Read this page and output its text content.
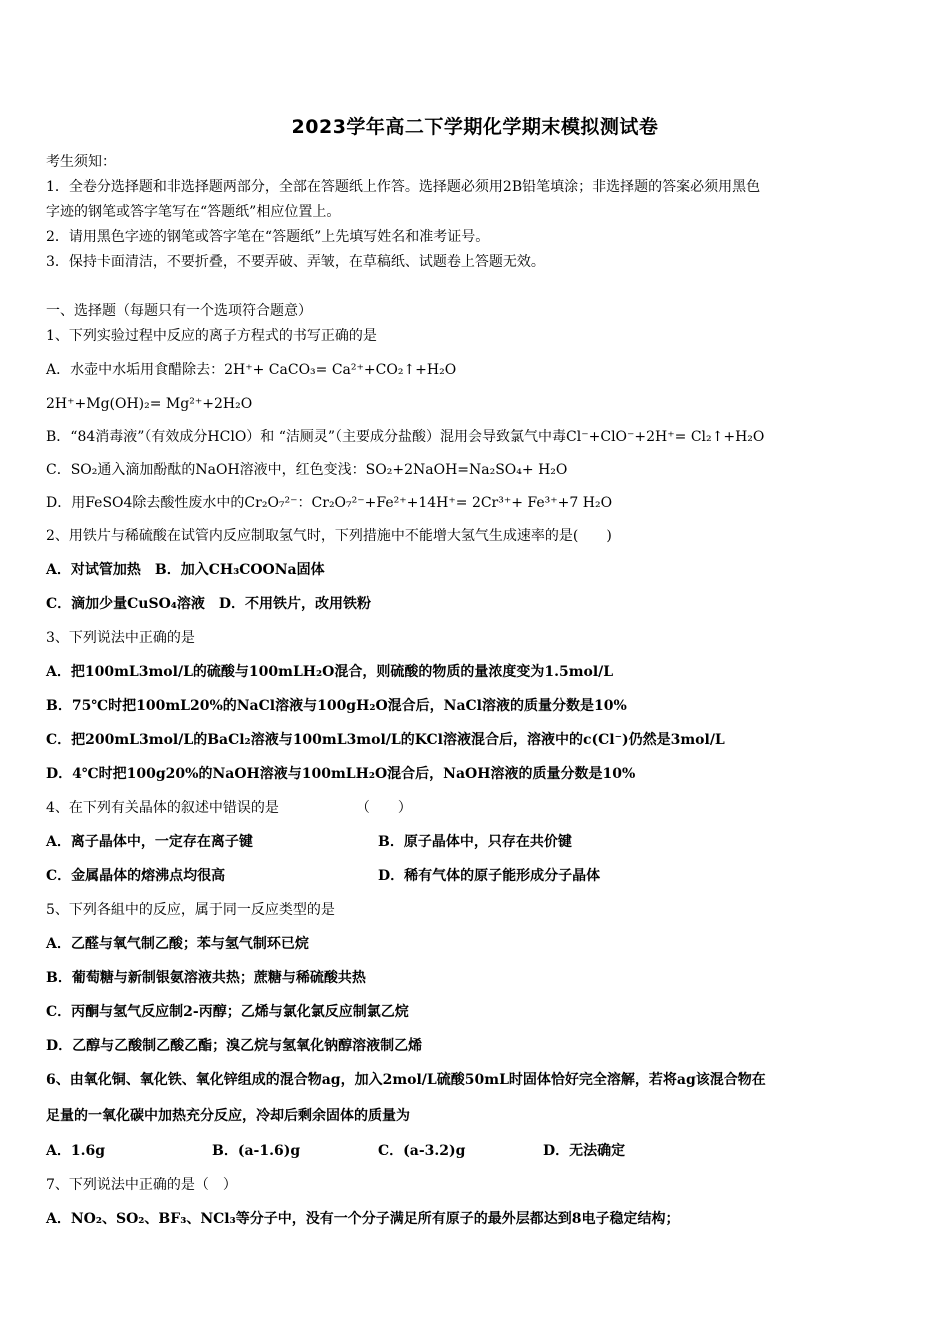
2023学年高二下学期化学期末模拟测试卷
考生须知：
1．全卷分选择题和非选择题两部分，全部在答题纸上作答。选择题必须用2B铅笔填涂；非选择题的答案必须用黑色
字迹的钢笔或答字笔写在“答题纸”相应位置上。
2．请用黑色字迹的钢笔或答字笔在“答题纸”上先填写姓名和准考证号。
3．保持卡面清洁，不要折叠，不要弄破、弄皱，在草稿纸、试题卷上答题无效。
一、选择题（每题只有一个选项符合题意）
1、下列实验过程中反应的离子方程式的书写正确的是
A．水壶中水垢用食醋除去：2H⁺+ CaCO₃= Ca²⁺+CO₂↑+H₂O
2H⁺+Mg(OH)₂= Mg²⁺+2H₂O
B．“84消毒液”（有效成分HClO）和 “洁厕灵”（主要成分盐酸）混用会导致氯气中毒Cl⁻+ClO⁻+2H⁺= Cl₂↑+H₂O
C．SO₂通入滴加酚酞的NaOH溶液中，红色变浅：SO₂+2NaOH=Na₂SO₄+ H₂O
D．用FeSO4除去酸性废水中的Cr₂O₇²⁻：Cr₂O₇²⁻+Fe²⁺+14H⁺= 2Cr³⁺+ Fe³⁺+7 H₂O
2、用铁片与稀硫酸在试管内反应制取氢气时，下列措施中不能增大氢气生成速率的是(　　)
A．对试管加热　B．加入CH₃COONa固体
C．滴加少量CuSO₄溶液　D．不用铁片，改用铁粉
3、下列说法中正确的是
A．把100mL3mol/L的硫酸与100mLH₂O混合，则硫酸的物质的量浓度变为1.5mol/L
B．75℃时把100mL20%的NaCl溶液与100gH₂O混合后，NaCl溶液的质量分数是10%
C．把200mL3mol/L的BaCl₂溶液与100mL3mol/L的KCl溶液混合后，溶液中的c(Cl⁻)仍然是3mol/L
D．4℃时把100g20%的NaOH溶液与100mLH₂O混合后，NaOH溶液的质量分数是10%
4、在下列有关晶体的叙述中错误的是　　　　　　（　　）
A．离子晶体中，一定存在离子键	B．原子晶体中，只存在共价键
C．金属晶体的熔沸点均很高	D．稀有气体的原子能形成分子晶体
5、下列各組中的反应，属于同一反应类型的是
A．乙醛与氧气制乙酸；苯与氢气制环已烷
B．葡萄糖与新制银氨溶液共热；蔗糖与稀硫酸共热
C．丙酮与氢气反应制2-丙醇；乙烯与氯化氯反应制氯乙烷
D．乙醇与乙酸制乙酸乙酯；溴乙烷与氢氧化钠醇溶液制乙烯
6、由氧化铜、氧化铁、氧化锌组成的混合物ag，加入2mol/L硫酸50mL时固体恰好完全溶解，若将ag该混合物在
足量的一氧化碳中加热充分反应，冷却后剩余固体的质量为
A．1.6g	B．(a-1.6)g	C．(a-3.2)g	D．无法确定
7、下列说法中正确的是（　）
A．NO₂、SO₂、BF₃、NCl₃等分子中，没有一个分子满足所有原子的最外层都达到8电子稳定结构；
